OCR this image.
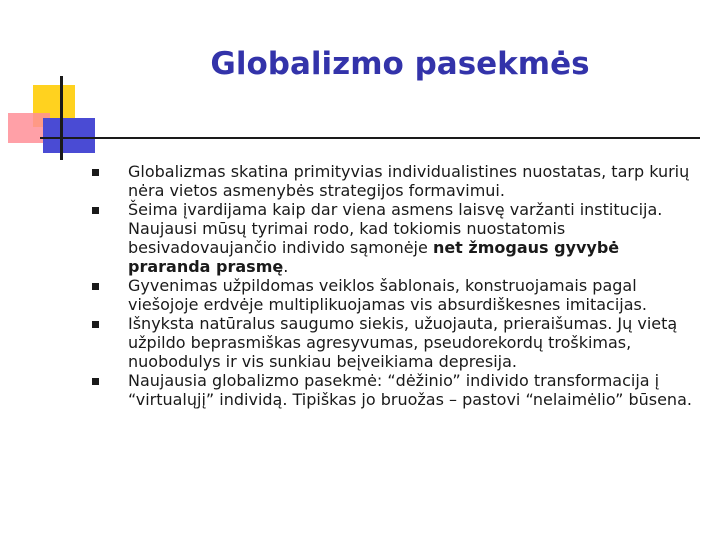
Globalizmo pasekmės
Globalizmas skatina primityvias individualistines nuostatas, tarp kurių nėra vietos asmenybės strategijos formavimui.
Šeima įvardijama kaip dar viena asmens laisvę varžanti institucija. Naujausi mūsų tyrimai rodo, kad tokiomis nuostatomis besivadovaujančio individo sąmonėje net žmogaus gyvybė praranda prasmę.
Gyvenimas užpildomas veiklos šablonais, konstruojamais pagal viešojoje erdvėje multiplikuojamas vis absurdiškesnes imitacijas.
Išnyksta natūralus saugumo siekis, užuojauta, prieraišumas. Jų vietą užpildo beprasmiškas agresyvumas, pseudorekordų troškimas, nuobodulys ir vis sunkiau beįveikiama depresija.
Naujausia globalizmo pasekmė: “dėžinio” individo transformacija į “virtualųjį” individą. Tipiškas jo bruožas – pastovi “nelaimėlio” būsena.
